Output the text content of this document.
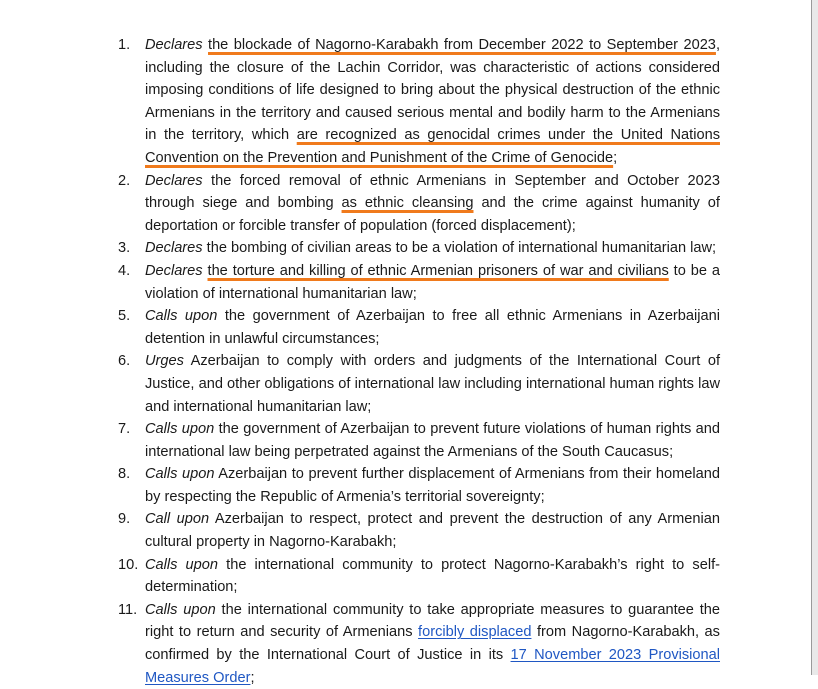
1. Declares the blockade of Nagorno-Karabakh from December 2022 to September 2023, including the closure of the Lachin Corridor, was characteristic of actions considered imposing conditions of life designed to bring about the physical destruction of the ethnic Armenians in the territory and caused serious mental and bodily harm to the Armenians in the territory, which are recognized as genocidal crimes under the United Nations Convention on the Prevention and Punishment of the Crime of Genocide;
2. Declares the forced removal of ethnic Armenians in September and October 2023 through siege and bombing as ethnic cleansing and the crime against humanity of deportation or forcible transfer of population (forced displacement);
3. Declares the bombing of civilian areas to be a violation of international humanitarian law;
4. Declares the torture and killing of ethnic Armenian prisoners of war and civilians to be a violation of international humanitarian law;
5. Calls upon the government of Azerbaijan to free all ethnic Armenians in Azerbaijani detention in unlawful circumstances;
6. Urges Azerbaijan to comply with orders and judgments of the International Court of Justice, and other obligations of international law including international human rights law and international humanitarian law;
7. Calls upon the government of Azerbaijan to prevent future violations of human rights and international law being perpetrated against the Armenians of the South Caucasus;
8. Calls upon Azerbaijan to prevent further displacement of Armenians from their homeland by respecting the Republic of Armenia’s territorial sovereignty;
9. Call upon Azerbaijan to respect, protect and prevent the destruction of any Armenian cultural property in Nagorno-Karabakh;
10. Calls upon the international community to protect Nagorno-Karabakh’s right to self-determination;
11. Calls upon the international community to take appropriate measures to guarantee the right to return and security of Armenians forcibly displaced from Nagorno-Karabakh, as confirmed by the International Court of Justice in its 17 November 2023 Provisional Measures Order;
